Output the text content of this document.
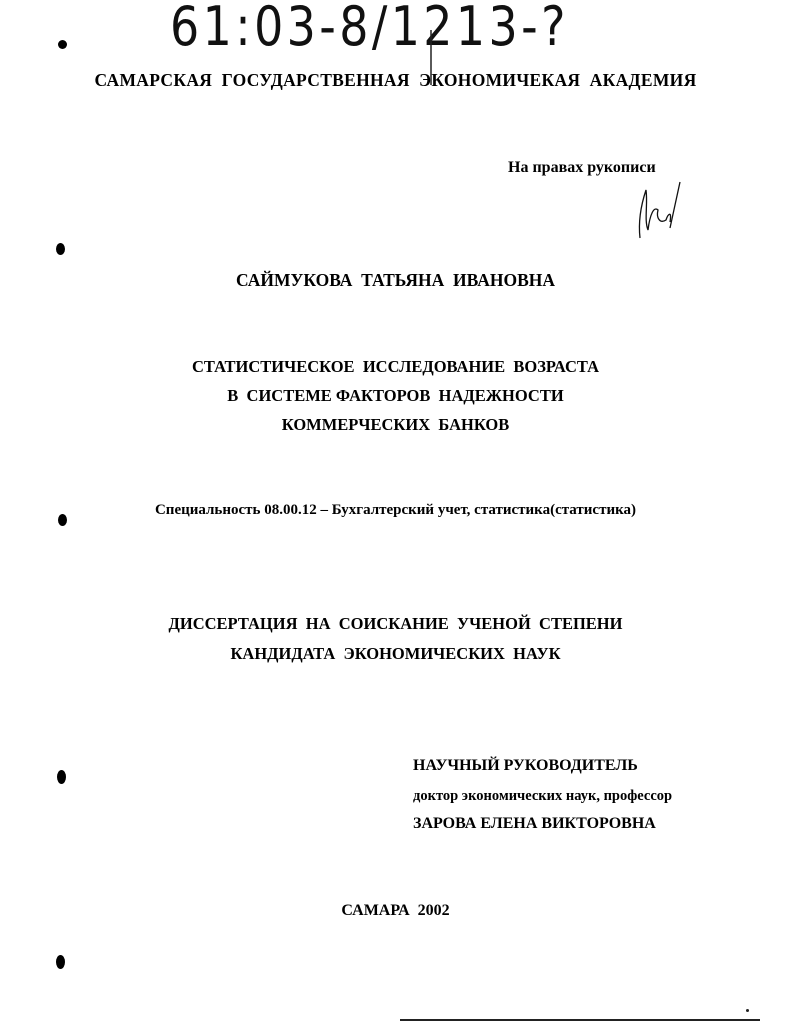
61:03-8/1213-?
САМАРСКАЯ  ГОСУДАРСТВЕННАЯ  ЭКОНОМИЧЕКАЯ  АКАДЕМИЯ
На правах рукописи
САЙМУКОВА  ТАТЬЯНА  ИВАНОВНА
СТАТИСТИЧЕСКОЕ  ИССЛЕДОВАНИЕ  ВОЗРАСТА
В  СИСТЕМЕ ФАКТОРОВ  НАДЕЖНОСТИ
КОММЕРЧЕСКИХ  БАНКОВ
Специальность 08.00.12 – Бухгалтерский учет, статистика(статистика)
ДИССЕРТАЦИЯ  НА  СОИСКАНИЕ  УЧЕНОЙ  СТЕПЕНИ
КАНДИДАТА  ЭКОНОМИЧЕСКИХ  НАУК
НАУЧНЫЙ РУКОВОДИТЕЛЬ
доктор экономических наук, профессор
ЗАРОВА ЕЛЕНА ВИКТОРОВНА
САМАРА  2002
